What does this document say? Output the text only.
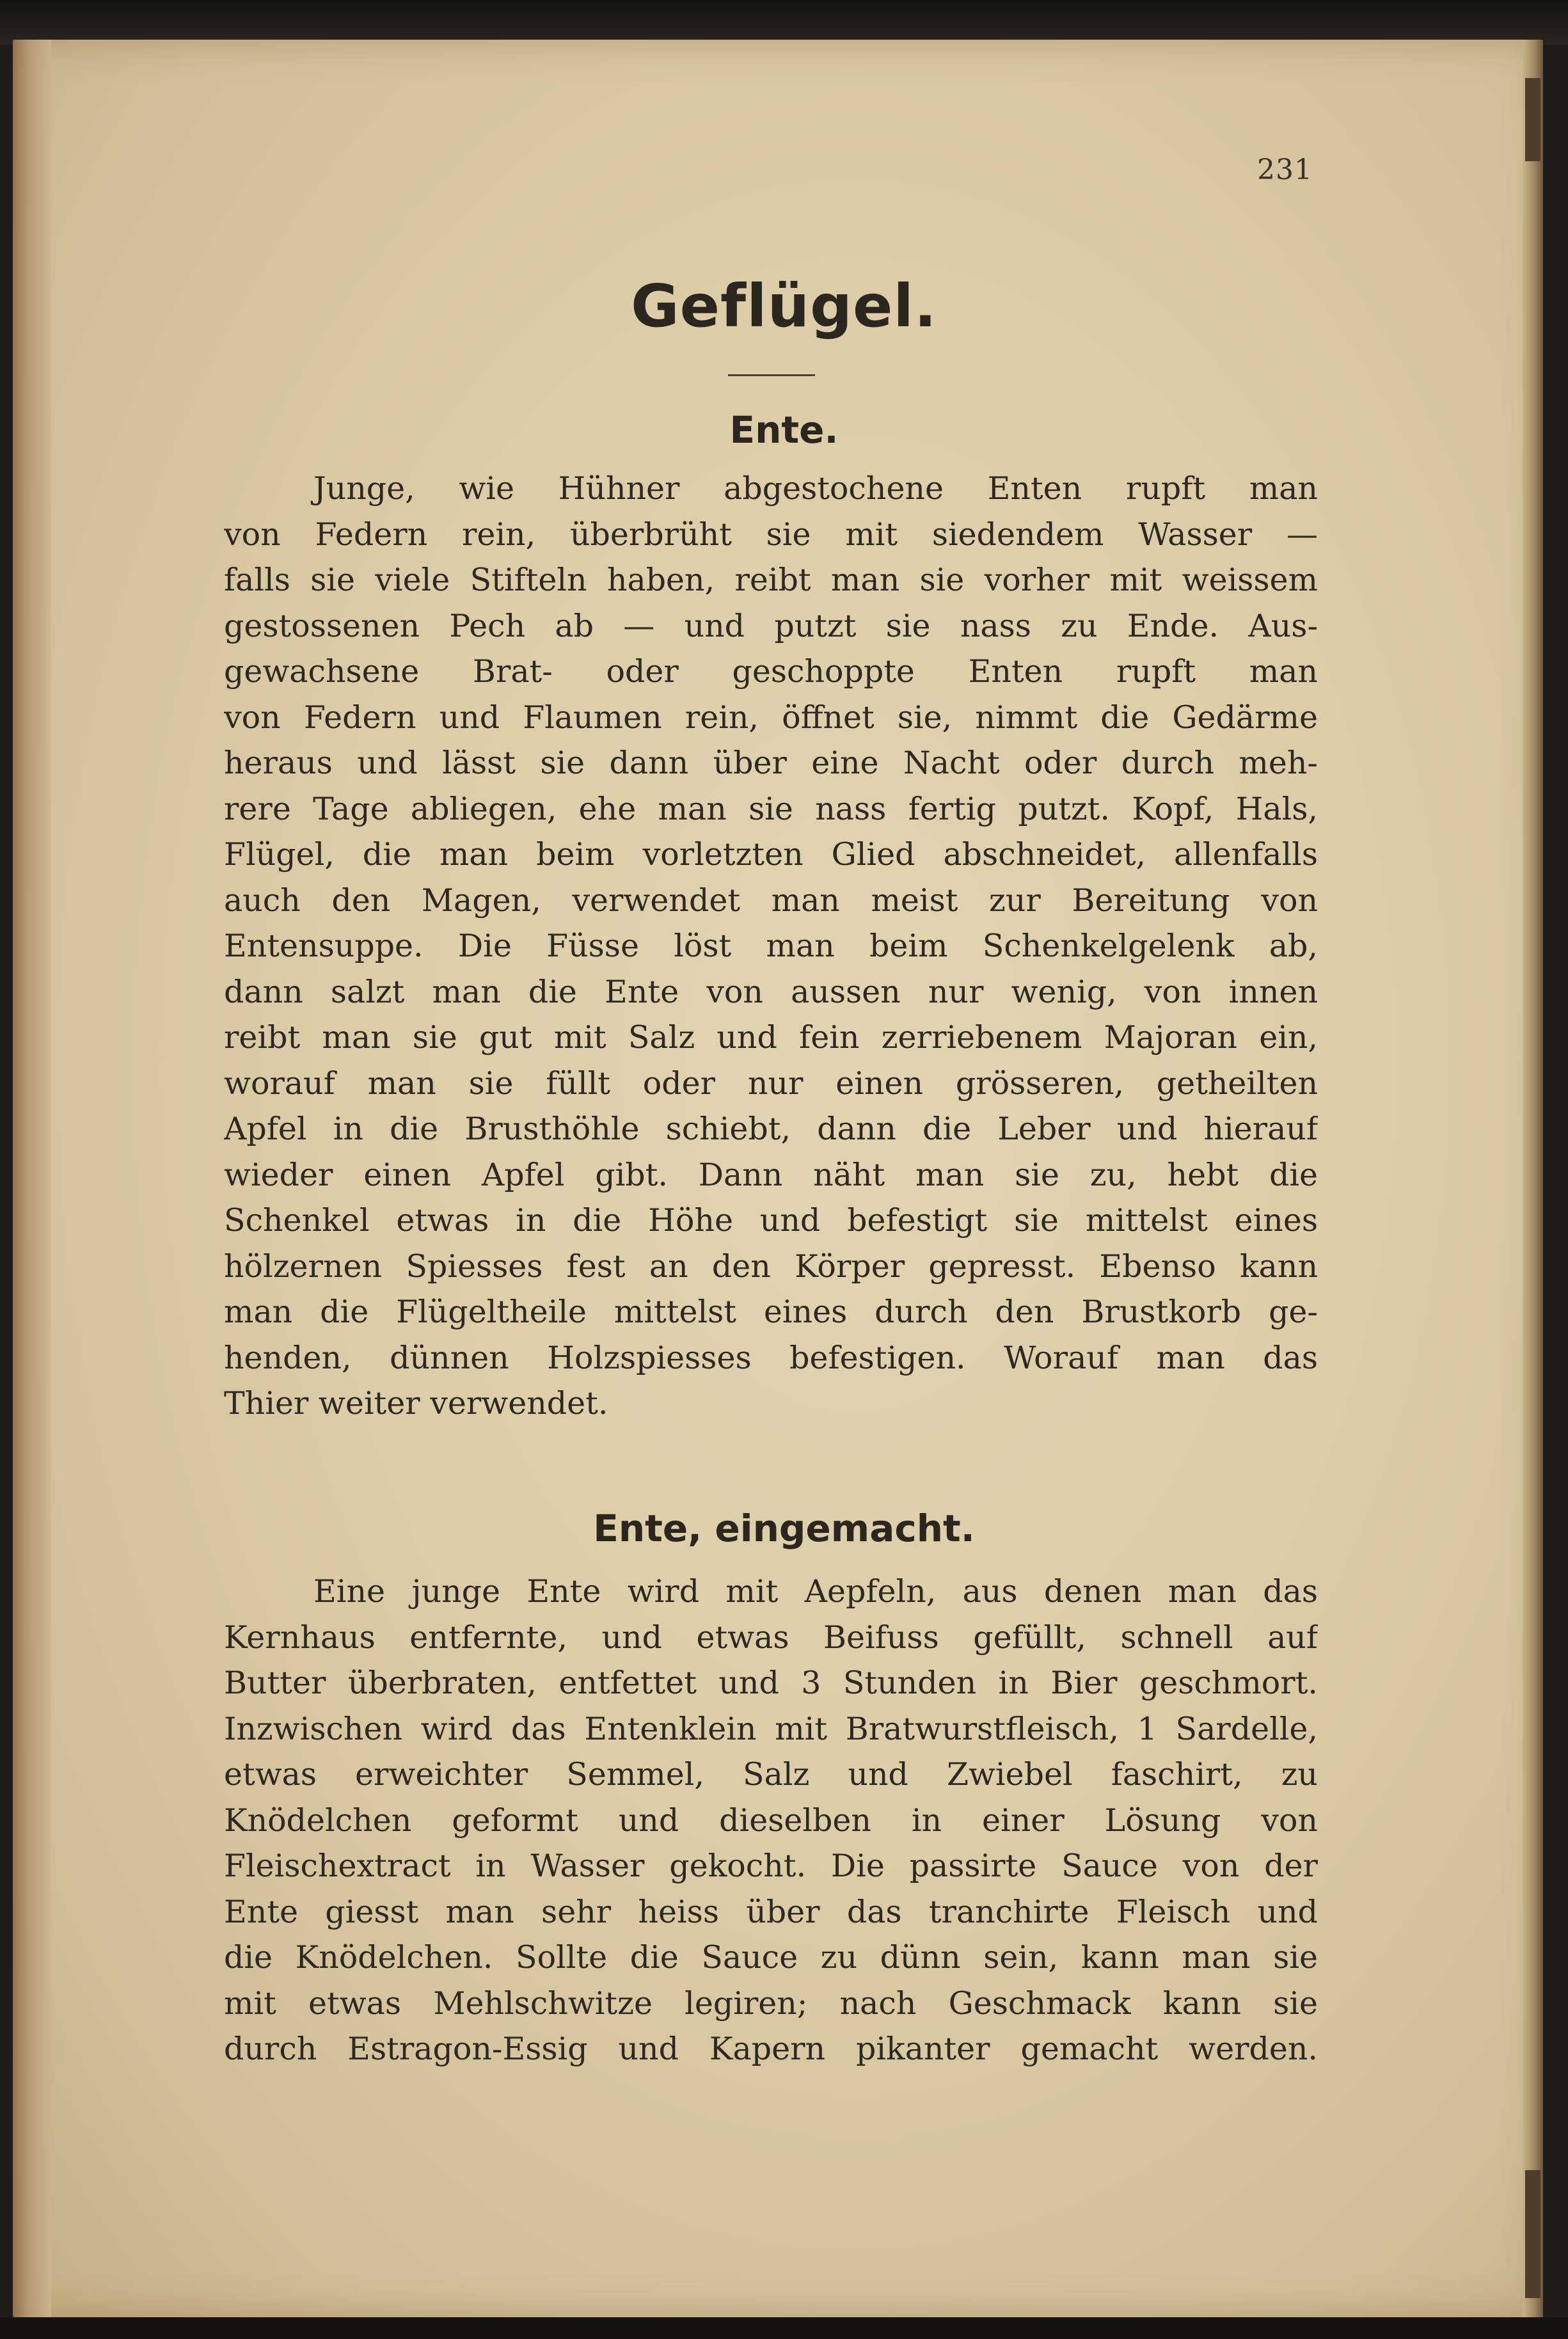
231
Geflügel.
Ente.
Junge, wie Hühner abgestochene Enten rupft man
von Federn rein, überbrüht sie mit siedendem Wasser —
falls sie viele Stifteln haben, reibt man sie vorher mit weissem
gestossenen Pech ab — und putzt sie nass zu Ende. Aus-
gewachsene Brat- oder geschoppte Enten rupft man
von Federn und Flaumen rein, öffnet sie, nimmt die Gedärme
heraus und lässt sie dann über eine Nacht oder durch meh-
rere Tage abliegen, ehe man sie nass fertig putzt. Kopf, Hals,
Flügel, die man beim vorletzten Glied abschneidet, allenfalls
auch den Magen, verwendet man meist zur Bereitung von
Entensuppe. Die Füsse löst man beim Schenkelgelenk ab,
dann salzt man die Ente von aussen nur wenig, von innen
reibt man sie gut mit Salz und fein zerriebenem Majoran ein,
worauf man sie füllt oder nur einen grösseren, getheilten
Apfel in die Brusthöhle schiebt, dann die Leber und hierauf
wieder einen Apfel gibt. Dann näht man sie zu, hebt die
Schenkel etwas in die Höhe und befestigt sie mittelst eines
hölzernen Spiesses fest an den Körper gepresst. Ebenso kann
man die Flügeltheile mittelst eines durch den Brustkorb ge-
henden, dünnen Holzspiesses befestigen. Worauf man das
Thier weiter verwendet.
Ente, eingemacht.
Eine junge Ente wird mit Aepfeln, aus denen man das
Kernhaus entfernte, und etwas Beifuss gefüllt, schnell auf
Butter überbraten, entfettet und 3 Stunden in Bier geschmort.
Inzwischen wird das Entenklein mit Bratwurstfleisch, 1 Sardelle,
etwas erweichter Semmel, Salz und Zwiebel faschirt, zu
Knödelchen geformt und dieselben in einer Lösung von
Fleischextract in Wasser gekocht. Die passirte Sauce von der
Ente giesst man sehr heiss über das tranchirte Fleisch und
die Knödelchen. Sollte die Sauce zu dünn sein, kann man sie
mit etwas Mehlschwitze legiren; nach Geschmack kann sie
durch Estragon-Essig und Kapern pikanter gemacht werden.
